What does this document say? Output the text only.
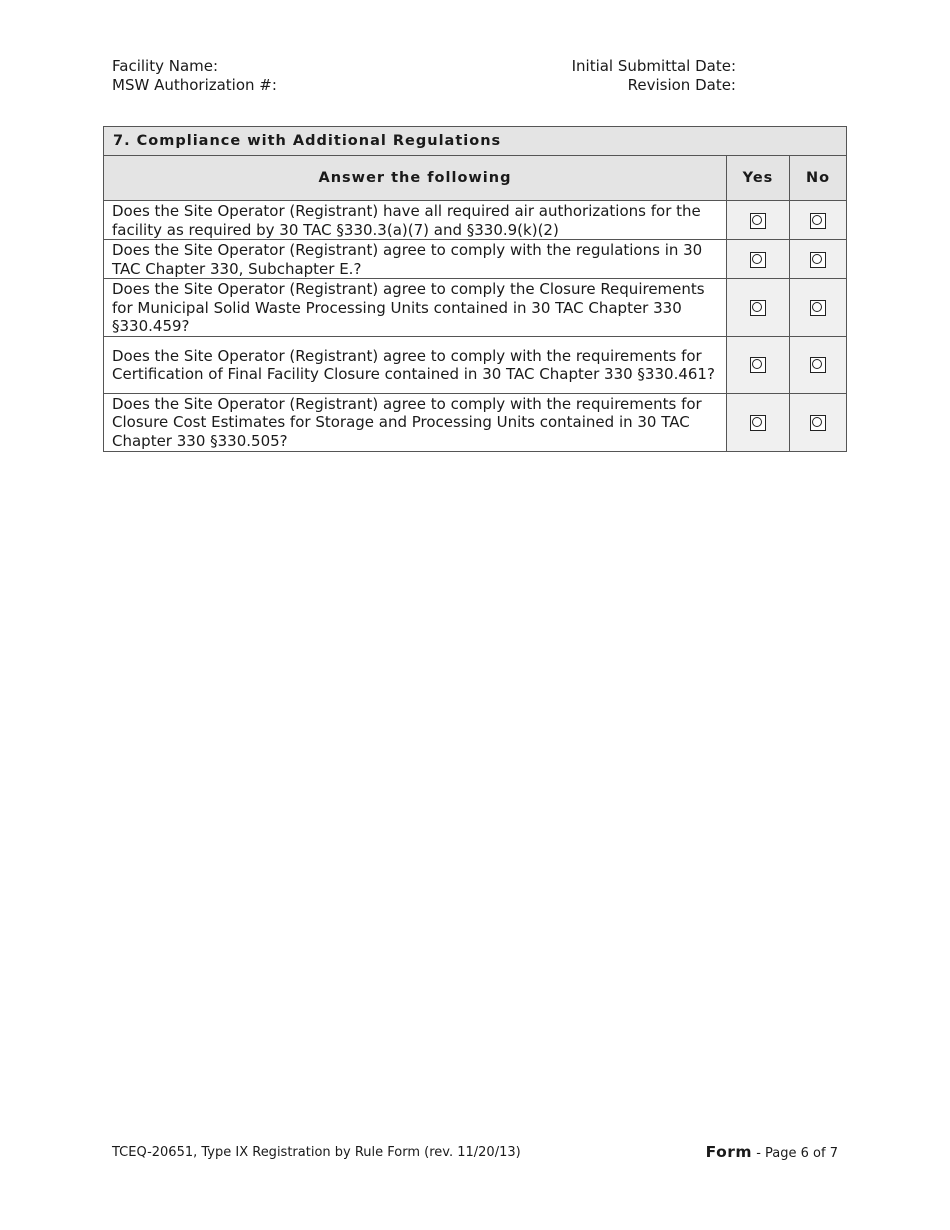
Facility Name:
MSW Authorization #:
Initial Submittal Date:
Revision Date:
7. Compliance with Additional Regulations		
Answer the following	Yes	No
Does the Site Operator (Registrant) have all required air authorizations for the facility as required by 30 TAC §330.3(a)(7) and §330.9(k)(2)		
Does the Site Operator (Registrant) agree to comply with the regulations in 30 TAC Chapter 330, Subchapter E.?		
Does the Site Operator (Registrant) agree to comply the Closure Requirements for Municipal Solid Waste Processing Units contained in 30 TAC Chapter 330 §330.459?		
Does the Site Operator (Registrant) agree to comply with the requirements for Certification of Final Facility Closure contained in 30 TAC Chapter 330 §330.461?		
Does the Site Operator (Registrant) agree to comply with the requirements for Closure Cost Estimates for Storage and Processing Units contained in 30 TAC Chapter 330 §330.505?		
TCEQ-20651, Type IX Registration by Rule Form (rev. 11/20/13)	Form - Page 6 of 7
